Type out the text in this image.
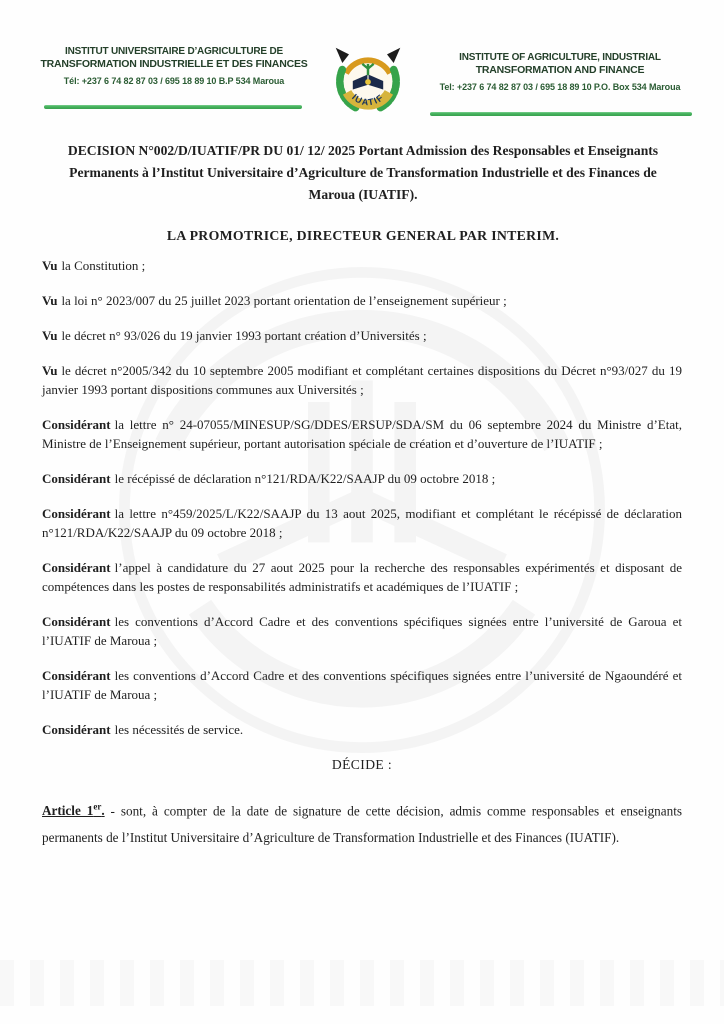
INSTITUT UNIVERSITAIRE D’AGRICULTURE DE
TRANSFORMATION INDUSTRIELLE ET DES FINANCES
Tél: +237 6 74 82 87 03 / 695 18 89 10 B.P 534 Maroua
IUATIF
INSTITUTE OF AGRICULTURE, INDUSTRIAL
TRANSFORMATION AND FINANCE
Tel: +237 6 74 82 87 03 / 695 18 89 10 P.O. Box 534 Maroua
DECISION N°002/D/IUATIF/PR DU 01/ 12/ 2025 Portant Admission des Responsables et Enseignants Permanents à l’Institut Universitaire d’Agriculture de Transformation Industrielle et des Finances de Maroua (IUATIF).
LA PROMOTRICE, DIRECTEUR GENERAL PAR INTERIM.

Vu la Constitution ;

Vu la loi n° 2023/007 du 25 juillet 2023 portant orientation de l’enseignement supérieur ;

Vu le décret n° 93/026 du 19 janvier 1993 portant création d’Universités ;

Vu le décret n°2005/342 du 10 septembre 2005 modifiant et complétant certaines dispositions du Décret n°93/027 du 19 janvier 1993 portant dispositions communes aux Universités ;

Considérant la lettre n° 24-07055/MINESUP/SG/DDES/ERSUP/SDA/SM du 06 septembre 2024 du Ministre d’Etat, Ministre de l’Enseignement supérieur, portant autorisation spéciale de création et d’ouverture de l’IUATIF ;

Considérant le récépissé de déclaration n°121/RDA/K22/SAAJP du 09 octobre 2018 ;

Considérant la lettre n°459/2025/L/K22/SAAJP du 13 aout 2025, modifiant et complétant le récépissé de déclaration n°121/RDA/K22/SAAJP du 09 octobre 2018 ;

Considérant l’appel à candidature du 27 aout 2025 pour la recherche des responsables expérimentés et disposant de compétences dans les postes de responsabilités administratifs et académiques de l’IUATIF ;

Considérant les conventions d’Accord Cadre et des conventions spécifiques signées entre l’université de Garoua et l’IUATIF de Maroua ;

Considérant les conventions d’Accord Cadre et des conventions spécifiques signées entre l’université de Ngaoundéré et l’IUATIF de Maroua ;

Considérant les nécessités de service.

DÉCIDE :

Article 1er. - sont, à compter de la date de signature de cette décision, admis comme responsables et enseignants permanents de l’Institut Universitaire d’Agriculture de Transformation Industrielle et des Finances (IUATIF).
